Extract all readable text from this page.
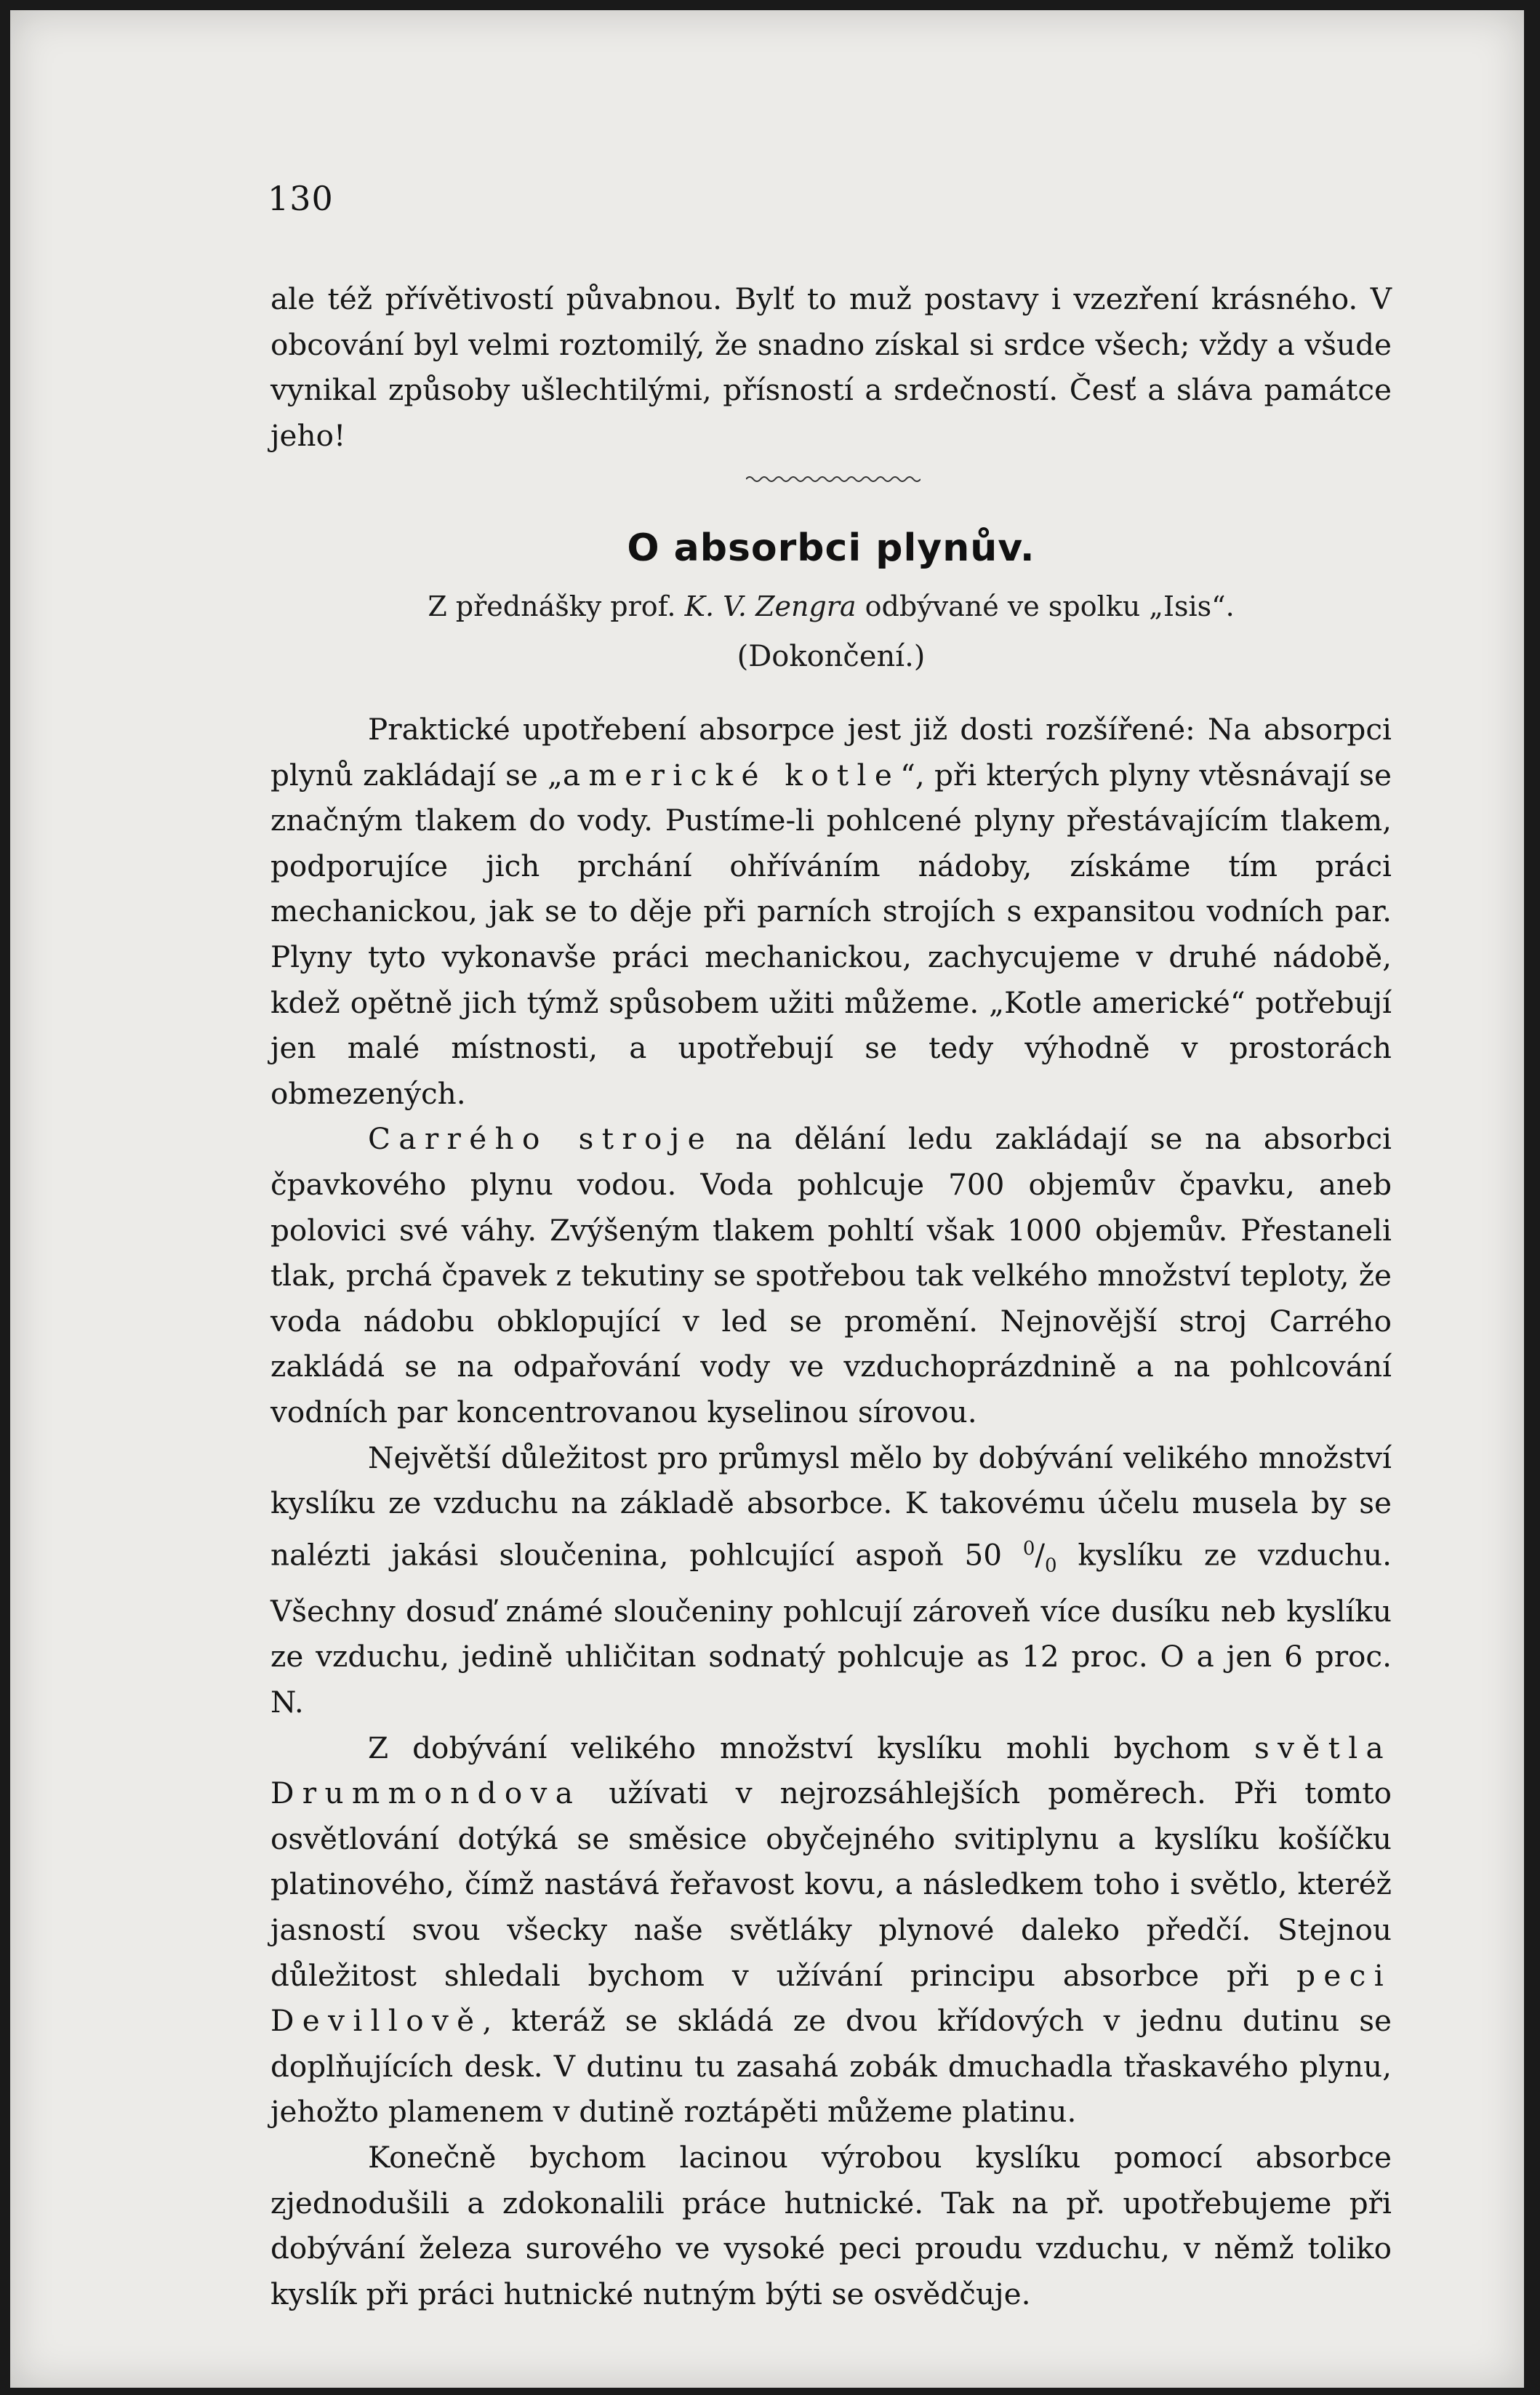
130

ale též přívětivostí půvabnou. Bylť to muž postavy i vzezření krásného. V obcování byl velmi roztomilý, že snadno získal si srdce všech; vždy a všude vynikal způsoby ušlechtilými, přísností a srdečností. Česť a sláva památce jeho!

O absorbci plynův.
Z přednášky prof. K. V. Zengra odbývané ve spolku „Isis“.
(Dokončení.)

Praktické upotřebení absorpce jest již dosti rozšířené: Na absorpci plynů zakládají se „americké kotle“, při kterých plyny vtěsnávají se značným tlakem do vody. Pustíme-li pohlcené plyny přestávajícím tlakem, podporujíce jich prchání ohříváním nádoby, získáme tím práci mechanickou, jak se to děje při parních strojích s expansitou vodních par. Plyny tyto vykonavše práci mechanickou, zachycujeme v druhé nádobě, kdež opětně jich týmž spůsobem užiti můžeme. „Kotle americké“ potřebují jen malé místnosti, a upotřebují se tedy výhodně v prostorách obmezených.

Carrého stroje na dělání ledu zakládají se na absorbci čpavkového plynu vodou. Voda pohlcuje 700 objemův čpavku, aneb polovici své váhy. Zvýšeným tlakem pohltí však 1000 objemův. Přestaneli tlak, prchá čpavek z tekutiny se spotřebou tak velkého množství teploty, že voda nádobu obklopující v led se promění. Nejnovější stroj Carrého zakládá se na odpařování vody ve vzduchoprázdnině a na pohlcování vodních par koncentrovanou kyselinou sírovou.

Největší důležitost pro průmysl mělo by dobývání velikého množství kyslíku ze vzduchu na základě absorbce. K takovému účelu musela by se nalézti jakási sloučenina, pohlcující aspoň 50 $^0/_0$ kyslíku ze vzduchu. Všechny dosuď známé sloučeniny pohlcují zároveň více dusíku neb kyslíku ze vzduchu, jedině uhličitan sodnatý pohlcuje as 12 proc. O a jen 6 proc. N.

Z dobývání velikého množství kyslíku mohli bychom světla Drummondova užívati v nejrozsáhlejších poměrech. Při tomto osvětlování dotýká se směsice obyčejného svitiplynu a kyslíku košíčku platinového, čímž nastává řeřavost kovu, a následkem toho i světlo, kteréž jasností svou všecky naše světláky plynové daleko předčí. Stejnou důležitost shledali bychom v užívání principu absorbce při peci Devillově, kteráž se skládá ze dvou křídových v jednu dutinu se doplňujících desk. V dutinu tu zasahá zobák dmuchadla třaskavého plynu, jehožto plamenem v dutině roztápěti můžeme platinu.

Konečně bychom lacinou výrobou kyslíku pomocí absorbce zjednodušili a zdokonalili práce hutnické. Tak na př. upotřebujeme při dobývání železa surového ve vysoké peci proudu vzduchu, v němž toliko kyslík při práci hutnické nutným býti se osvědčuje.
